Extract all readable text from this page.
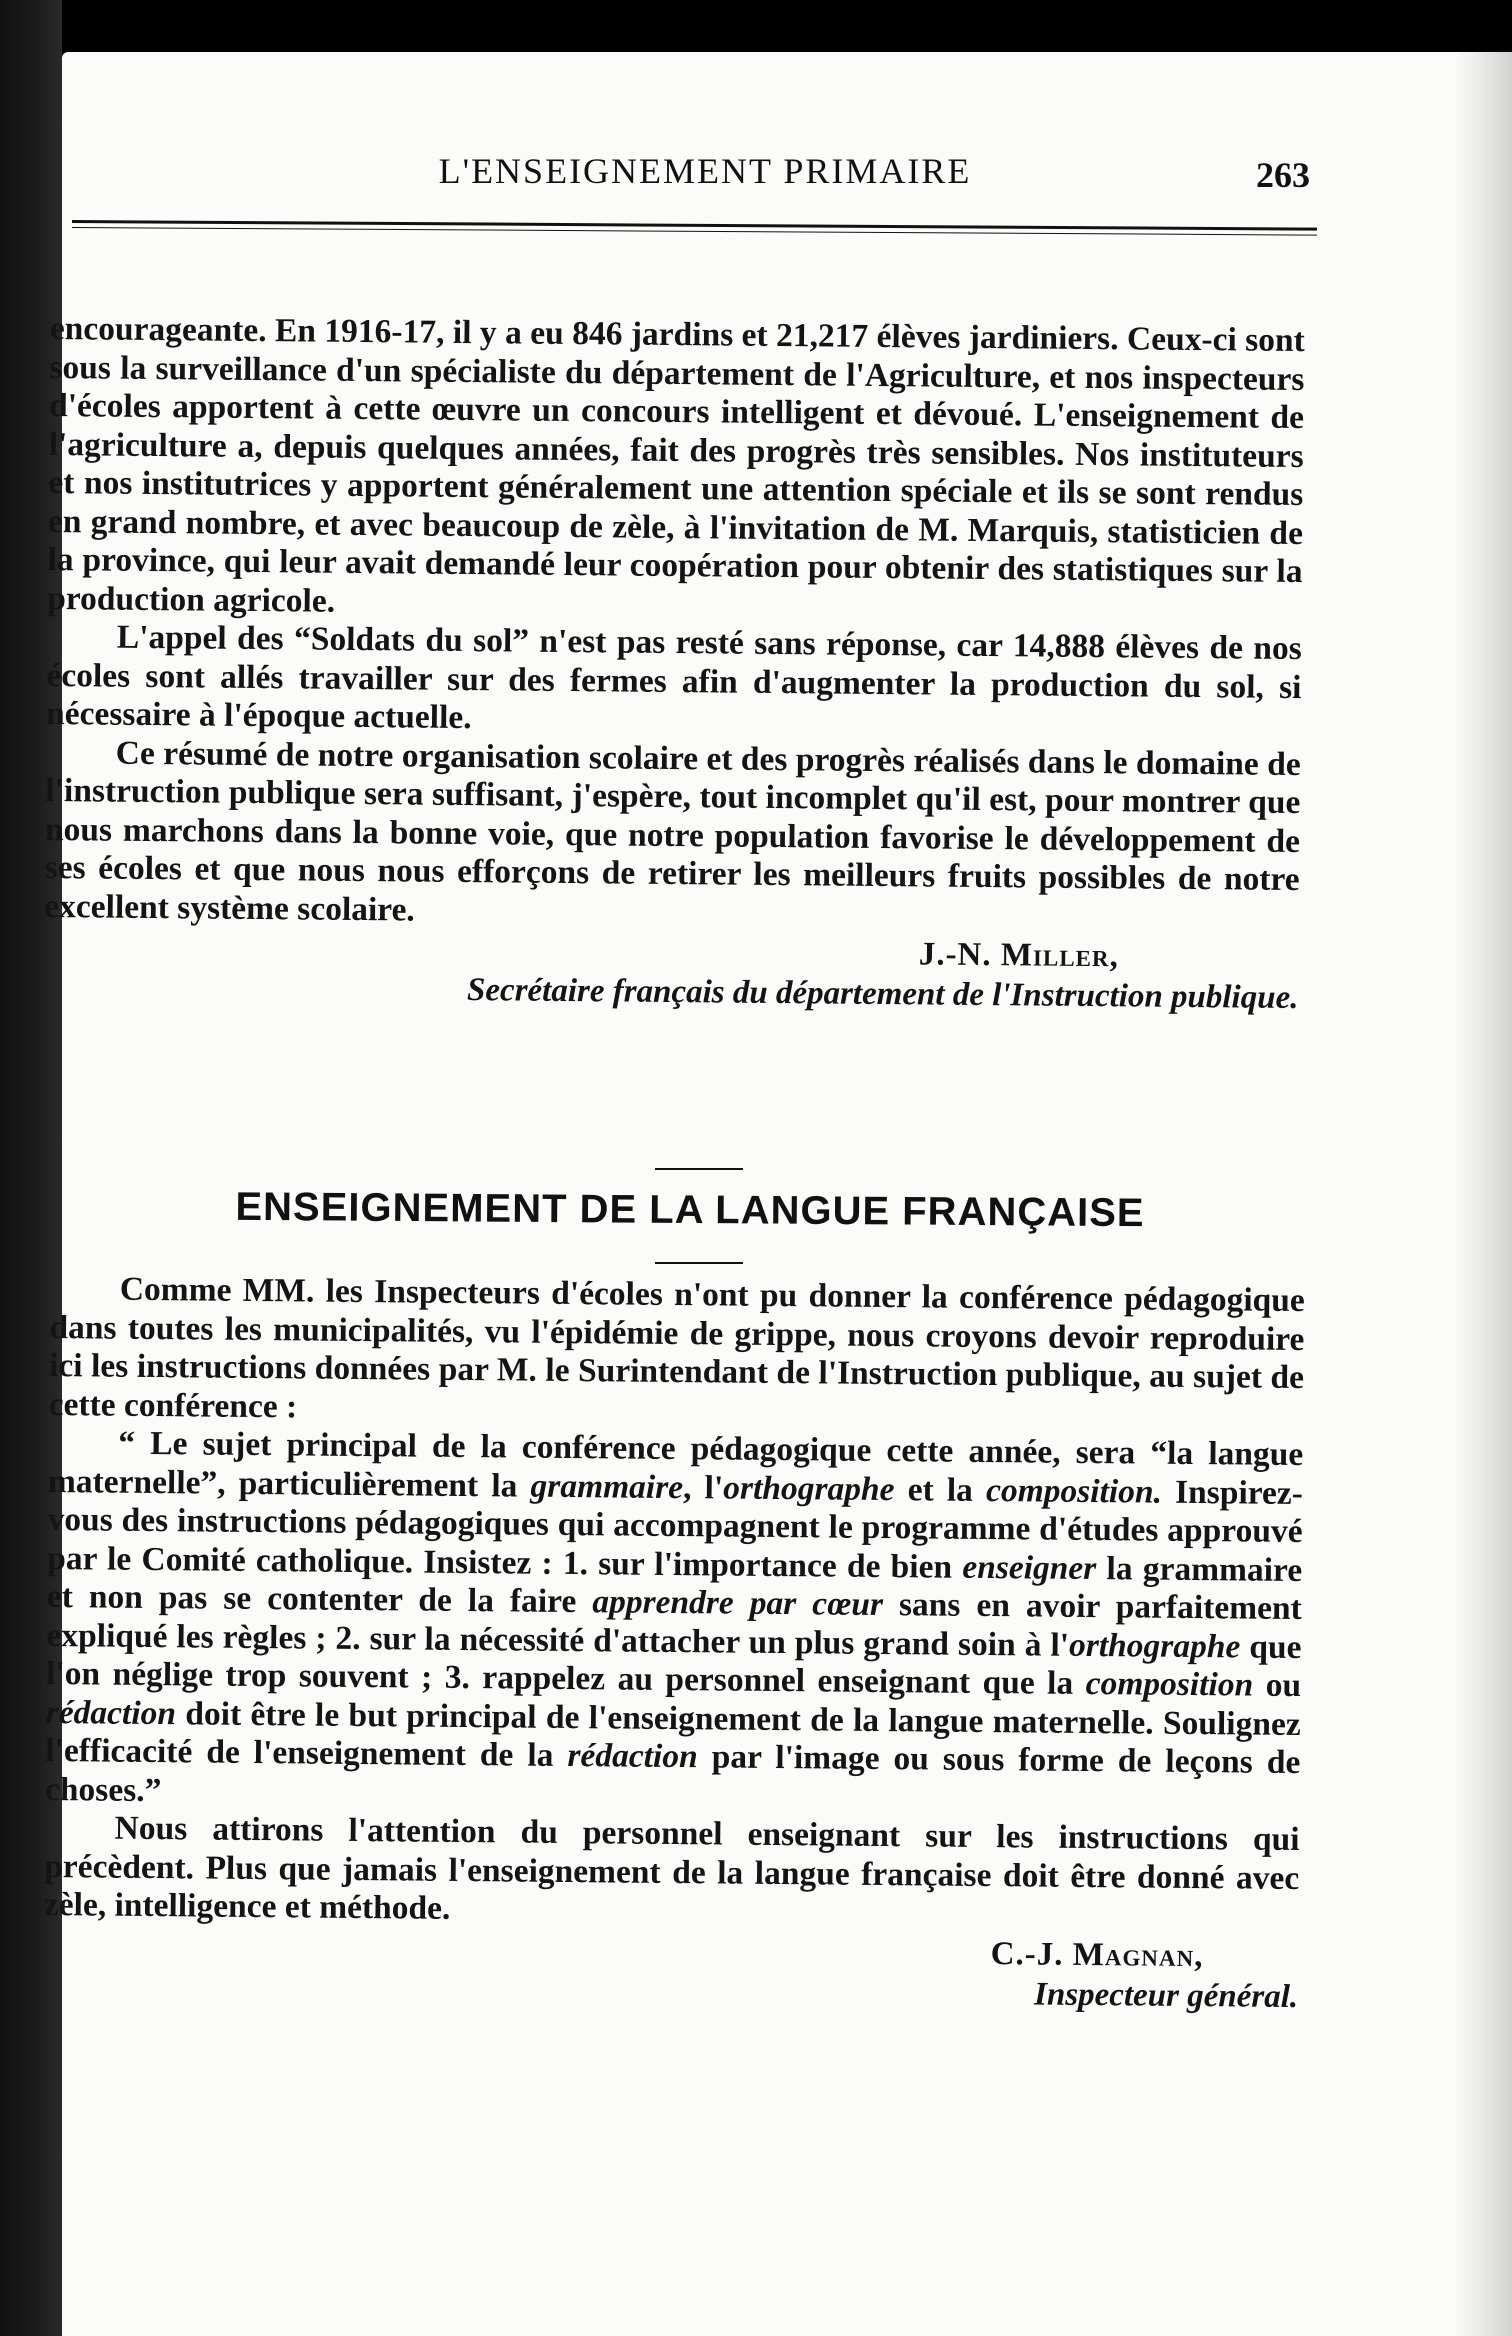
L'ENSEIGNEMENT PRIMAIRE	263

encourageante. En 1916-17, il y a eu 846 jardins et 21,217 élèves jardiniers. Ceux-ci sont sous la surveillance d'un spécialiste du département de l'Agriculture, et nos inspecteurs d'écoles apportent à cette œuvre un concours intelligent et dévoué. L'enseignement de l'agriculture a, depuis quelques années, fait des progrès très sensibles. Nos instituteurs et nos institutrices y apportent généralement une attention spéciale et ils se sont rendus en grand nombre, et avec beaucoup de zèle, à l'invitation de M. Marquis, statisticien de la province, qui leur avait demandé leur coopération pour obtenir des statistiques sur la production agricole.

L'appel des “Soldats du sol” n'est pas resté sans réponse, car 14,888 élèves de nos écoles sont allés travailler sur des fermes afin d'augmenter la production du sol, si nécessaire à l'époque actuelle.

Ce résumé de notre organisation scolaire et des progrès réalisés dans le domaine de l'instruction publique sera suffisant, j'espère, tout incomplet qu'il est, pour montrer que nous marchons dans la bonne voie, que notre population favorise le développement de ses écoles et que nous nous efforçons de retirer les meilleurs fruits possibles de notre excellent système scolaire.

J.-N. Miller,

Secrétaire français du département de l'Instruction publique.

ENSEIGNEMENT DE LA LANGUE FRANÇAISE

Comme MM. les Inspecteurs d'écoles n'ont pu donner la conférence pédagogique dans toutes les municipalités, vu l'épidémie de grippe, nous croyons devoir reproduire ici les instructions données par M. le Surintendant de l'Instruction publique, au sujet de cette conférence :

“ Le sujet principal de la conférence pédagogique cette année, sera “la langue maternelle”, particulièrement la grammaire, l'orthographe et la composition. Inspirez-vous des instructions pédagogiques qui accompagnent le programme d'études approuvé par le Comité catholique. Insistez : 1. sur l'importance de bien enseigner la grammaire et non pas se contenter de la faire apprendre par cœur sans en avoir parfaitement expliqué les règles ; 2. sur la nécessité d'attacher un plus grand soin à l'orthographe que l'on néglige trop souvent ; 3. rappelez au personnel enseignant que la composition ou rédaction doit être le but principal de l'enseignement de la langue maternelle. Soulignez l'efficacité de l'enseignement de la rédaction par l'image ou sous forme de leçons de choses.”

Nous attirons l'attention du personnel enseignant sur les instructions qui précèdent. Plus que jamais l'enseignement de la langue française doit être donné avec zèle, intelligence et méthode.

C.-J. Magnan,

Inspecteur général.
